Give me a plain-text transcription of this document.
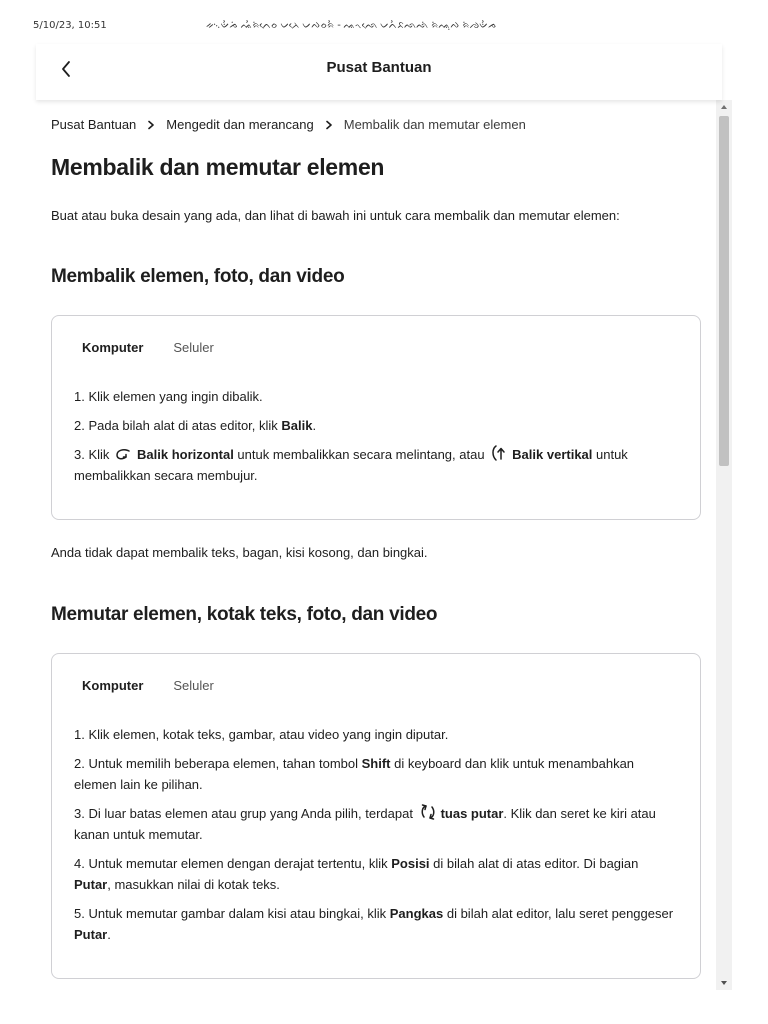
5/10/23, 10:51	ᨀ᨞ᨉᨛᨍᨗ ᨕᨛᨑᨗᨈᨙᨔ ᨆᨂᨙ ᨆᨄᨔᨑᨛ - ᨕᨚᨒᨙ ᨆᨈᨛᨅᨒᨒᨗ ᨑᨗᨕᨘᨄ ᨑᨗᨌᨉᨛᨍ
Pusat Bantuan
Pusat Bantuan Mengedit dan merancang Membalik dan memutar elemen
Membalik dan memutar elemen

Buat atau buka desain yang ada, dan lihat di bawah ini untuk cara membalik dan memutar elemen:

Membalik elemen, foto, dan video
Komputer Seluler
1. Klik elemen yang ingin dibalik.
2. Pada bilah alat di atas editor, klik Balik.
3. Klik Balik horizontal untuk membalikkan secara melintang, atau Balik vertikal untuk membalikkan secara membujur.

Anda tidak dapat membalik teks, bagan, kisi kosong, dan bingkai.

Memutar elemen, kotak teks, foto, dan video
Komputer Seluler
1. Klik elemen, kotak teks, gambar, atau video yang ingin diputar.
2. Untuk memilih beberapa elemen, tahan tombol Shift di keyboard dan klik untuk menambahkan elemen lain ke pilihan.
3. Di luar batas elemen atau grup yang Anda pilih, terdapat tuas putar. Klik dan seret ke kiri atau kanan untuk memutar.
4. Untuk memutar elemen dengan derajat tertentu, klik Posisi di bilah alat di atas editor. Di bagian Putar, masukkan nilai di kotak teks.
5. Untuk memutar gambar dalam kisi atau bingkai, klik Pangkas di bilah alat editor, lalu seret penggeser Putar.
